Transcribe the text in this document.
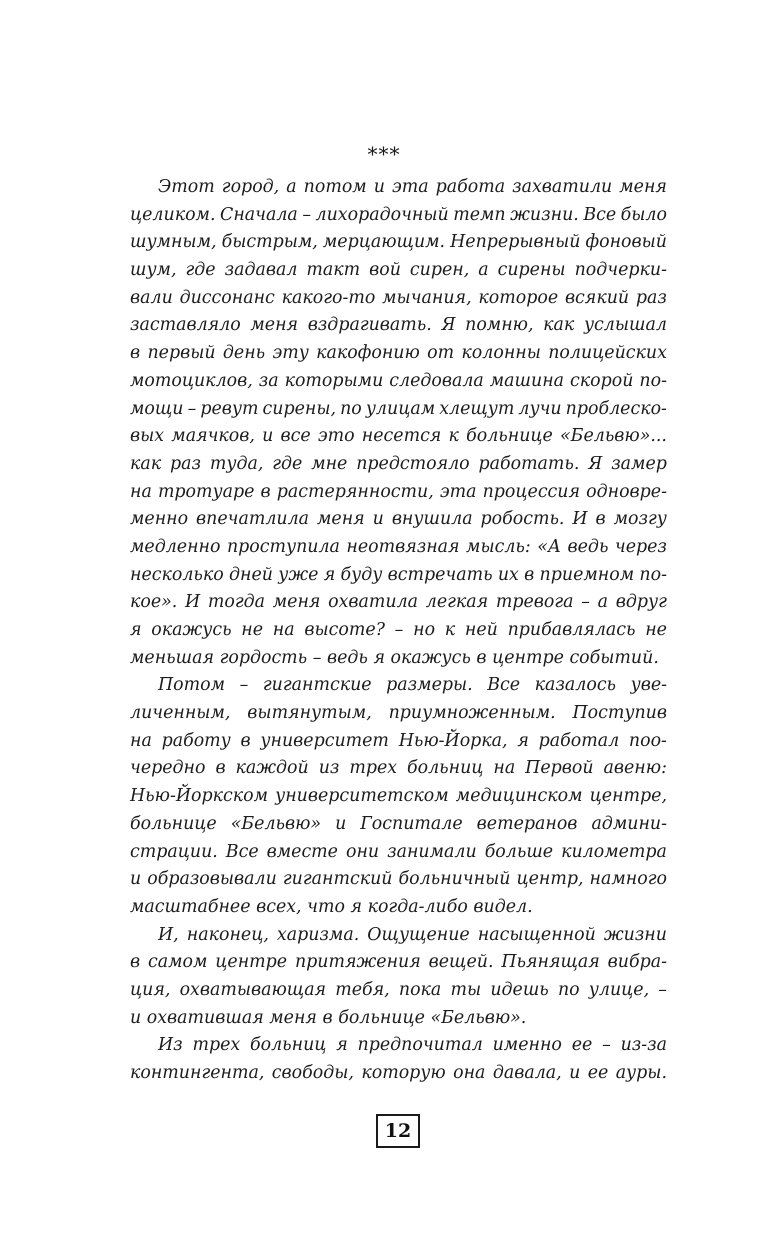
***
Этот город, а потом и эта работа захватили меня
целиком. Сначала – лихорадочный темп жизни. Все было
шумным, быстрым, мерцающим. Непрерывный фоновый
шум, где задавал такт вой сирен, а сирены подчерки-
вали диссонанс какого-то мычания, которое всякий раз
заставляло меня вздрагивать. Я помню, как услышал
в первый день эту какофонию от колонны полицейских
мотоциклов, за которыми следовала машина скорой по-
мощи – ревут сирены, по улицам хлещут лучи проблеско-
вых маячков, и все это несется к больнице «Бельвю»...
как раз туда, где мне предстояло работать. Я замер
на тротуаре в растерянности, эта процессия одновре-
менно впечатлила меня и внушила робость. И в мозгу
медленно проступила неотвязная мысль: «А ведь через
несколько дней уже я буду встречать их в приемном по-
кое». И тогда меня охватила легкая тревога – а вдруг
я окажусь не на высоте? – но к ней прибавлялась не
меньшая гордость – ведь я окажусь в центре событий.
Потом – гигантские размеры. Все казалось уве-
личенным, вытянутым, приумноженным. Поступив
на работу в университет Нью-Йорка, я работал поо-
чередно в каждой из трех больниц на Первой авеню:
Нью-Йоркском университетском медицинском центре,
больнице «Бельвю» и Госпитале ветеранов админи-
страции. Все вместе они занимали больше километра
и образовывали гигантский больничный центр, намного
масштабнее всех, что я когда-либо видел.
И, наконец, харизма. Ощущение насыщенной жизни
в самом центре притяжения вещей. Пьянящая вибра-
ция, охватывающая тебя, пока ты идешь по улице, –
и охватившая меня в больнице «Бельвю».
Из трех больниц я предпочитал именно ее – из-за
контингента, свободы, которую она давала, и ее ауры.
12
